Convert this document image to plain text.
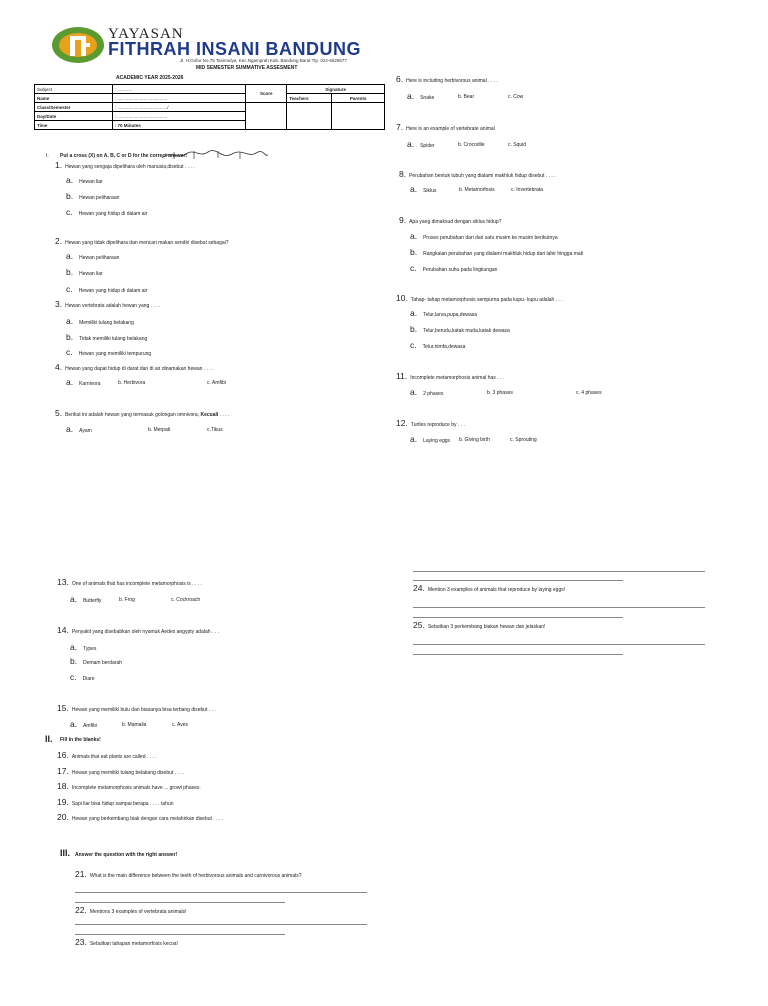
YAYASAN
FITHRAH INSANI BANDUNG
Jl. H.Gofur No.75 Tanimulya, Kec.Ngamprah Kab. Bandung Barat Tlp. 022-6625677
MID SEMESTER SUMMATIVE ASSESMENT
ACADEMIC YEAR 2025-2026
Subject	: ............	Score	Signature	
Name	: ........................................		Teachers	Parents
Class/Semester	: ......................................../			
Day/Date	: ........................................			
Time	: 70 Minutes			
I. Put a cross (X) on A, B, C or D for the correct answer!
1. Hewan yang sengaja dipelihara oleh manusia,disebut . . . .
a. Hewan liar
b. Hewan peliharaan
c. Hewan yang hidup di dalam air
2. Hewan yang tidak dipelihara dan mencari makan sendiri disebut sebagai?
a. Hewan peliharaan
b. Hewan liar
c. Hewan yang hidup di dalam air
3. Hewan vertebrata adalah hewan yang . . . .
a. Memiliki tulang belakang
b. Tidak memiliki tulang belakang
c. Hewan yang memiliki tempurung
4. Hewan yang dapat hidup di darat dan di air dinamakan hewan . . . .
a. Karnivora	b. Herbivora	c. Amfibi
5. Berikut ini adalah hewan yang termasuk golongan omnivora,
Kecuali
. . . .
a. Ayam	b. Merpati	c.Tikus
6. Here is including herbivorous animal . . . .
a. Snake	b. Bear	c. Cow
7. Here is an example of vertebrate animal
a. Spider	b. Crocodile	c. Squid
8. Perubahan bentuk tubuh yang dialami makhluk hidup disebut . . . .
a. Siklus	b. Metamorfosis	c. Invertebrata
9. Apa yang dimaksud dengan siklus hidup?
a. Proses perubahan dari dari satu musim ke musim berikutnya
b. Rangkaian perubahan yang dialami makhluk hidup dari lahir hingga mati
c. Perubahan suhu pada lingkungan
10. Tahap- tahap metamorphosis sempurna pada kupu- kupu adalah . . .
a. Telur,larva,pupa,dewasa
b. Telur,berudu,katak muda,katak dewasa
c. Telur,nimfa,dewasa
11. Incomplete metamorphosis animal has . . .
a. 2 phases	b. 3 phases	c. 4 phases
12. Turtles reproduce by . . .
a. Laying eggs b. Giving birth	c. Sprouting
13. One of animals that has incomplete metamorphosis is . . . .
a. Butterfly	b. Frog	c. Cockroach
14. Penyakit yang disebabkan oleh nyamuk Aedes aegypty adalah . . .
a. Types
b. Demam berdarah
c. Diare
15. Hewan yang memiliki bulu dan biasanya bisa terbang disebut . . .
a. Amfibi	b. Mamalia	c. Aves
II. Fill in the blanks!
16. Animals that eat plants are called . . . .
17. Hewan yang memiliki tulang belakang disebut . . . .
18. Incomplete metamorphosis animals have ... growt phases.
19. Sapi liar bisa hidup sampai berapa . . . . tahun
20. Hewan yang berkembang biak dengan cara melahirkan disebut . . . .
III. Answer the question with the right answer!
21. What is the main difference between the teeth of herbivorous animals and carnivorous animals?
22. Mentions 3 examples of vertebrata animals!
23. Sebutkan tahapan metamorfosis kecoa!
24. Mention 3 examples of animals that reproduce by laying eggs!
25. Sebutkan 3 perkembang biakan hewan dan jelaskan!
